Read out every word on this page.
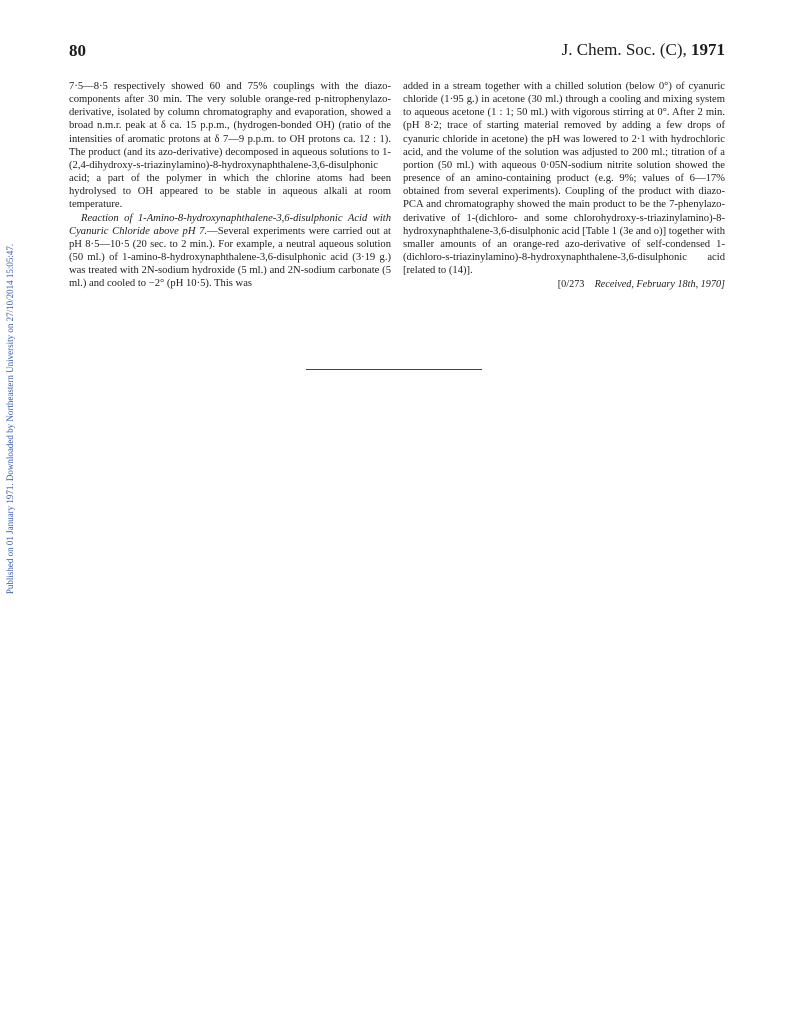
Published on 01 January 1971. Downloaded by Northeastern University on 27/10/2014 15:05:47.
80	J. Chem. Soc. (C), 1971

7·5—8·5 respectively showed 60 and 75% couplings with the diazo-components after 30 min. The very soluble orange-red p-nitrophenylazo-derivative, isolated by column chromatography and evaporation, showed a broad n.m.r. peak at δ ca. 15 p.p.m., (hydrogen-bonded OH) (ratio of the intensities of aromatic protons at δ 7—9 p.p.m. to OH protons ca. 12 : 1). The product (and its azo-derivative) decomposed in aqueous solutions to 1-(2,4-dihydroxy-s-triazinylamino)-8-hydroxynaphthalene-3,6-disulphonic acid; a part of the polymer in which the chlorine atoms had been hydrolysed to OH appeared to be stable in aqueous alkali at room temperature.

Reaction of 1-Amino-8-hydroxynaphthalene-3,6-disulphonic Acid with Cyanuric Chloride above pH 7.—Several experiments were carried out at pH 8·5—10·5 (20 sec. to 2 min.). For example, a neutral aqueous solution (50 ml.) of 1-amino-8-hydroxynaphthalene-3,6-disulphonic acid (3·19 g.) was treated with 2N-sodium hydroxide (5 ml.) and 2N-sodium carbonate (5 ml.) and cooled to −2° (pH 10·5). This was

added in a stream together with a chilled solution (below 0°) of cyanuric chloride (1·95 g.) in acetone (30 ml.) through a cooling and mixing system to aqueous acetone (1 : 1; 50 ml.) with vigorous stirring at 0°. After 2 min. (pH 8·2; trace of starting material removed by adding a few drops of cyanuric chloride in acetone) the pH was lowered to 2·1 with hydrochloric acid, and the volume of the solution was adjusted to 200 ml.; titration of a portion (50 ml.) with aqueous 0·05N-sodium nitrite solution showed the presence of an amino-containing product (e.g. 9%; values of 6—17% obtained from several experiments). Coupling of the product with diazo-PCA and chromatography showed the main product to be the 7-phenylazo-derivative of 1-(dichloro- and some chlorohydroxy-s-triazinylamino)-8-hydroxynaphthalene-3,6-disulphonic acid [Table 1 (3e and o)] together with smaller amounts of an orange-red azo-derivative of self-condensed 1-(dichloro-s-triazinylamino)-8-hydroxynaphthalene-3,6-disulphonic acid [related to (14)].

[0/273 Received, February 18th, 1970]
